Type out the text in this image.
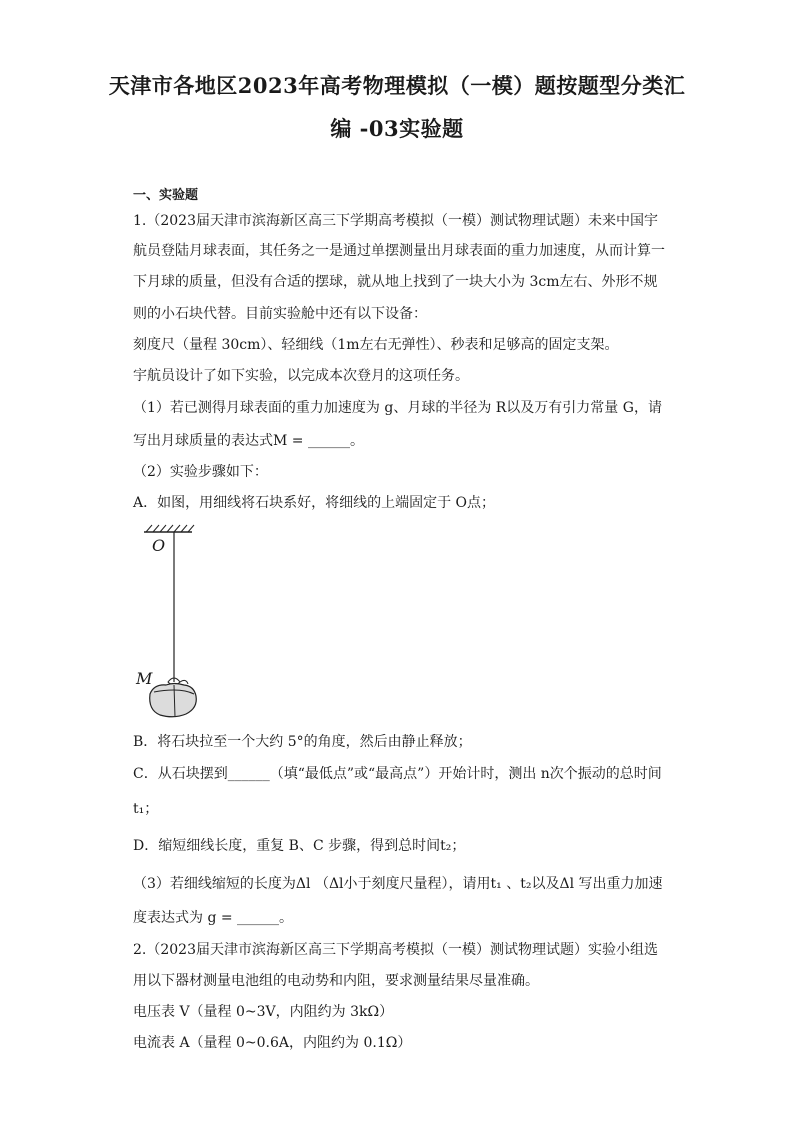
天津市各地区2023年高考物理模拟（一模）题按题型分类汇
编 -03实验题
一、实验题
1.（2023届天津市滨海新区高三下学期高考模拟（一模）测试物理试题）未来中国宇
航员登陆月球表面，其任务之一是通过单摆测量出月球表面的重力加速度，从而计算一
下月球的质量，但没有合适的摆球，就从地上找到了一块大小为 3cm左右、外形不规
则的小石块代替。目前实验舱中还有以下设备：
刻度尺（量程 30cm）、轻细线（1m左右无弹性）、秒表和足够高的固定支架。
宇航员设计了如下实验，以完成本次登月的这项任务。
（1）若已测得月球表面的重力加速度为 g、月球的半径为 R以及万有引力常量 G，请
写出月球质量的表达式M = ______。
（2）实验步骤如下：
A．如图，用细线将石块系好，将细线的上端固定于 O点；
O
M
B．将石块拉至一个大约 5°的角度，然后由静止释放；
C．从石块摆到______（填“最低点”或“最高点”）开始计时，测出 n次个振动的总时间
t₁；
D．缩短细线长度，重复 B、C 步骤，得到总时间t₂；
（3）若细线缩短的长度为Δl （Δl小于刻度尺量程），请用t₁ 、t₂以及Δl 写出重力加速
度表达式为 g = ______。
2.（2023届天津市滨海新区高三下学期高考模拟（一模）测试物理试题）实验小组选
用以下器材测量电池组的电动势和内阻，要求测量结果尽量准确。
电压表 V（量程 0~3V，内阻约为 3kΩ）
电流表 A（量程 0~0.6A，内阻约为 0.1Ω）
